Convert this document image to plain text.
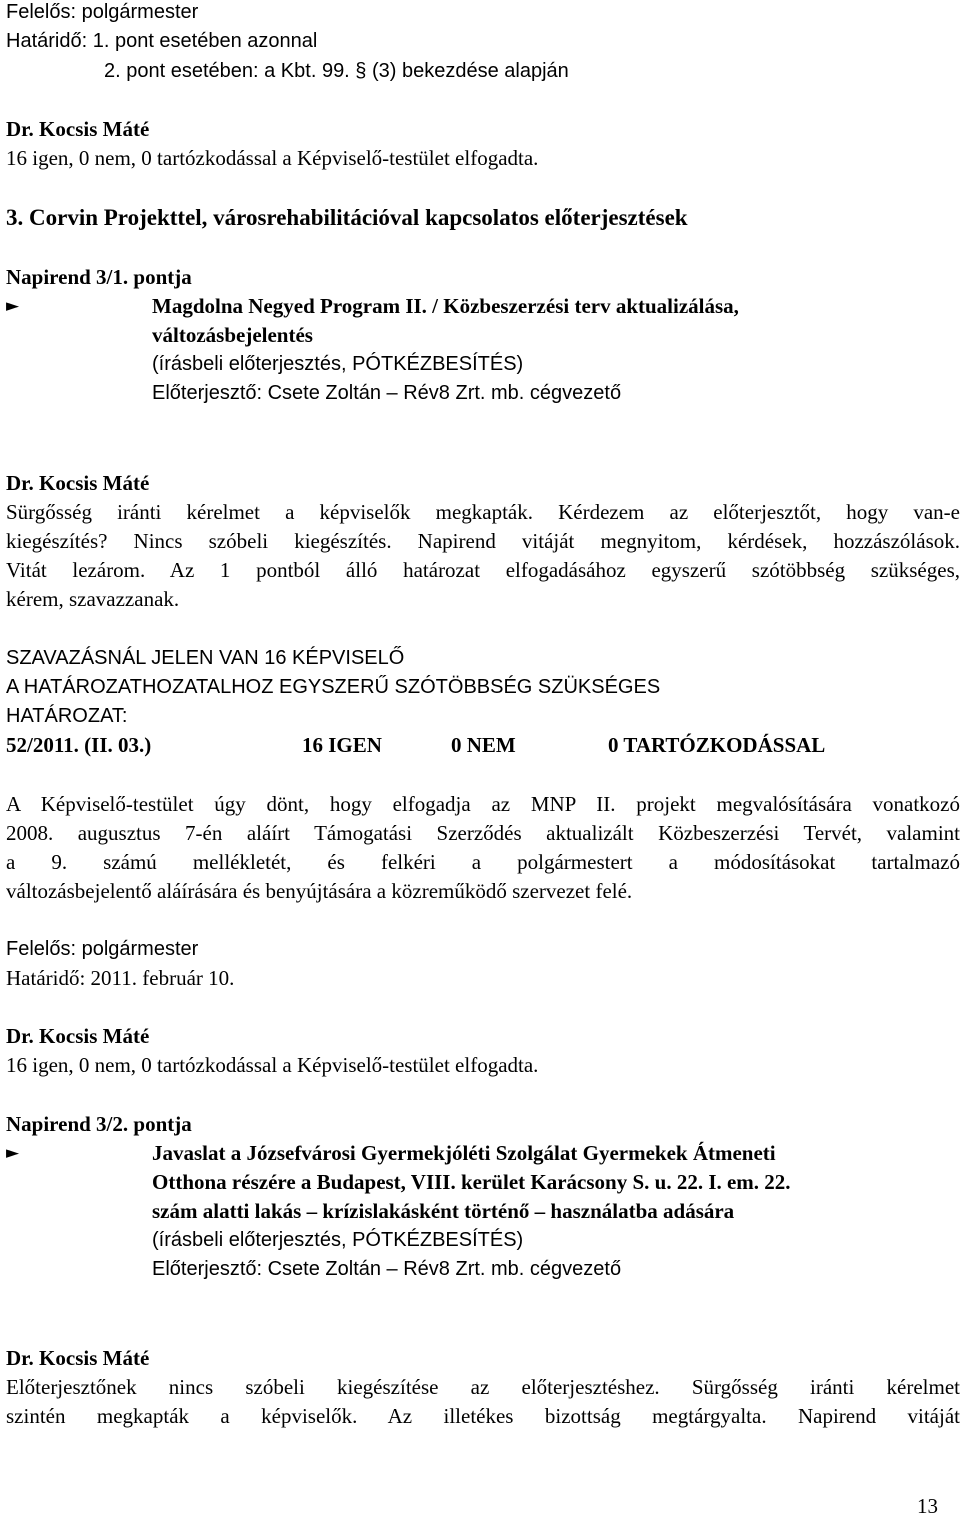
Felelős: polgármester
Határidő: 1. pont esetében azonnal
2. pont esetében: a Kbt. 99. § (3) bekezdése alapján
Dr. Kocsis Máté
16 igen, 0 nem, 0 tartózkodással a Képviselő-testület elfogadta.
3. Corvin Projekttel, városrehabilitációval kapcsolatos előterjesztések
Napirend 3/1. pontja
►	Magdolna Negyed Program II. / Közbeszerzési terv aktualizálása,
változásbejelentés
(írásbeli előterjesztés, PÓTKÉZBESÍTÉS)
Előterjesztő: Csete Zoltán – Rév8 Zrt. mb. cégvezető
Dr. Kocsis Máté
Sürgősség iránti kérelmet a képviselők megkapták. Kérdezem az előterjesztőt, hogy van-e
kiegészítés? Nincs szóbeli kiegészítés. Napirend vitáját megnyitom, kérdések, hozzászólások.
Vitát lezárom. Az 1 pontból álló határozat elfogadásához egyszerű szótöbbség szükséges,
kérem, szavazzanak.
SZAVAZÁSNÁL JELEN VAN 16 KÉPVISELŐ
A HATÁROZATHOZATALHOZ EGYSZERŰ SZÓTÖBBSÉG SZÜKSÉGES
HATÁROZAT:
52/2011. (II. 03.)	16 IGEN	0 NEM	0 TARTÓZKODÁSSAL
A Képviselő-testület úgy dönt, hogy elfogadja az MNP II. projekt megvalósítására vonatkozó
2008. augusztus 7-én aláírt Támogatási Szerződés aktualizált Közbeszerzési Tervét, valamint
a 9. számú mellékletét, és felkéri a polgármestert a módosításokat tartalmazó
változásbejelentő aláírására és benyújtására a közreműködő szervezet felé.
Felelős: polgármester
Határidő: 2011. február 10.
Dr. Kocsis Máté
16 igen, 0 nem, 0 tartózkodással a Képviselő-testület elfogadta.
Napirend 3/2. pontja
►	Javaslat a Józsefvárosi Gyermekjóléti Szolgálat Gyermekek Átmeneti
Otthona részére a Budapest, VIII. kerület Karácsony S. u. 22. I. em. 22.
szám alatti lakás – krízislakásként történő – használatba adására
(írásbeli előterjesztés, PÓTKÉZBESÍTÉS)
Előterjesztő: Csete Zoltán – Rév8 Zrt. mb. cégvezető
Dr. Kocsis Máté
Előterjesztőnek nincs szóbeli kiegészítése az előterjesztéshez. Sürgősség iránti kérelmet
szintén megkapták a képviselők. Az illetékes bizottság megtárgyalta. Napirend vitáját
13
